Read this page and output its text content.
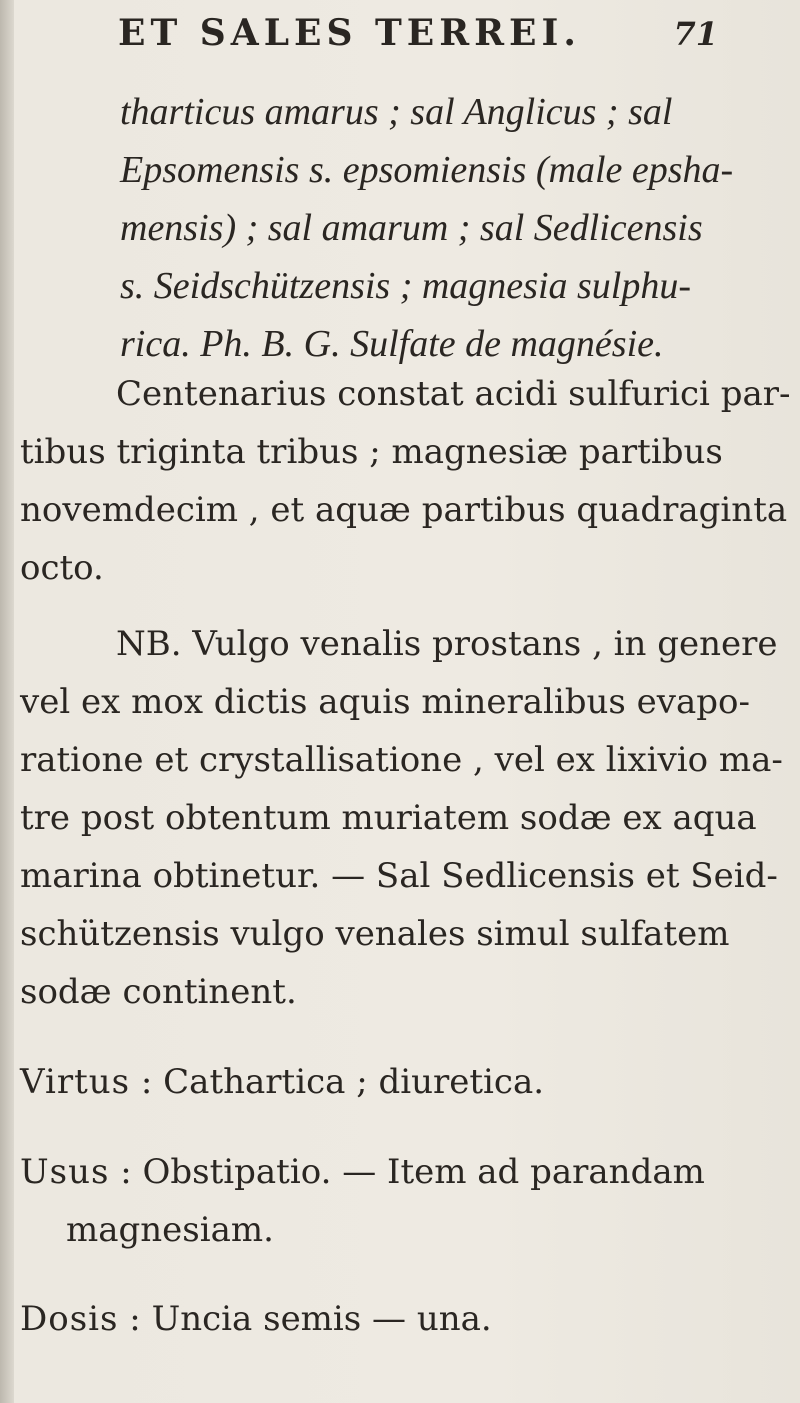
ET SALES TERREI.	71
tharticus amarus ; sal Anglicus ; sal
Epsomensis s. epsomiensis (male epsha-
mensis) ; sal amarum ; sal Sedlicensis
s. Seidschützensis ; magnesia sulphu-
rica. Ph. B. G. Sulfate de magnésie.
Centenarius constat acidi sulfurici par-
tibus triginta tribus ; magnesiæ partibus
novemdecim , et aquæ partibus quadraginta
octo.
NB. Vulgo venalis prostans , in genere
vel ex mox dictis aquis mineralibus evapo-
ratione et crystallisatione , vel ex lixivio ma-
tre post obtentum muriatem sodæ ex aqua
marina obtinetur. — Sal Sedlicensis et Seid-
schützensis vulgo venales simul sulfatem
sodæ continent.
Virtus : Cathartica ; diuretica.
Usus : Obstipatio. — Item ad parandam
magnesiam.
Dosis : Uncia semis — una.
